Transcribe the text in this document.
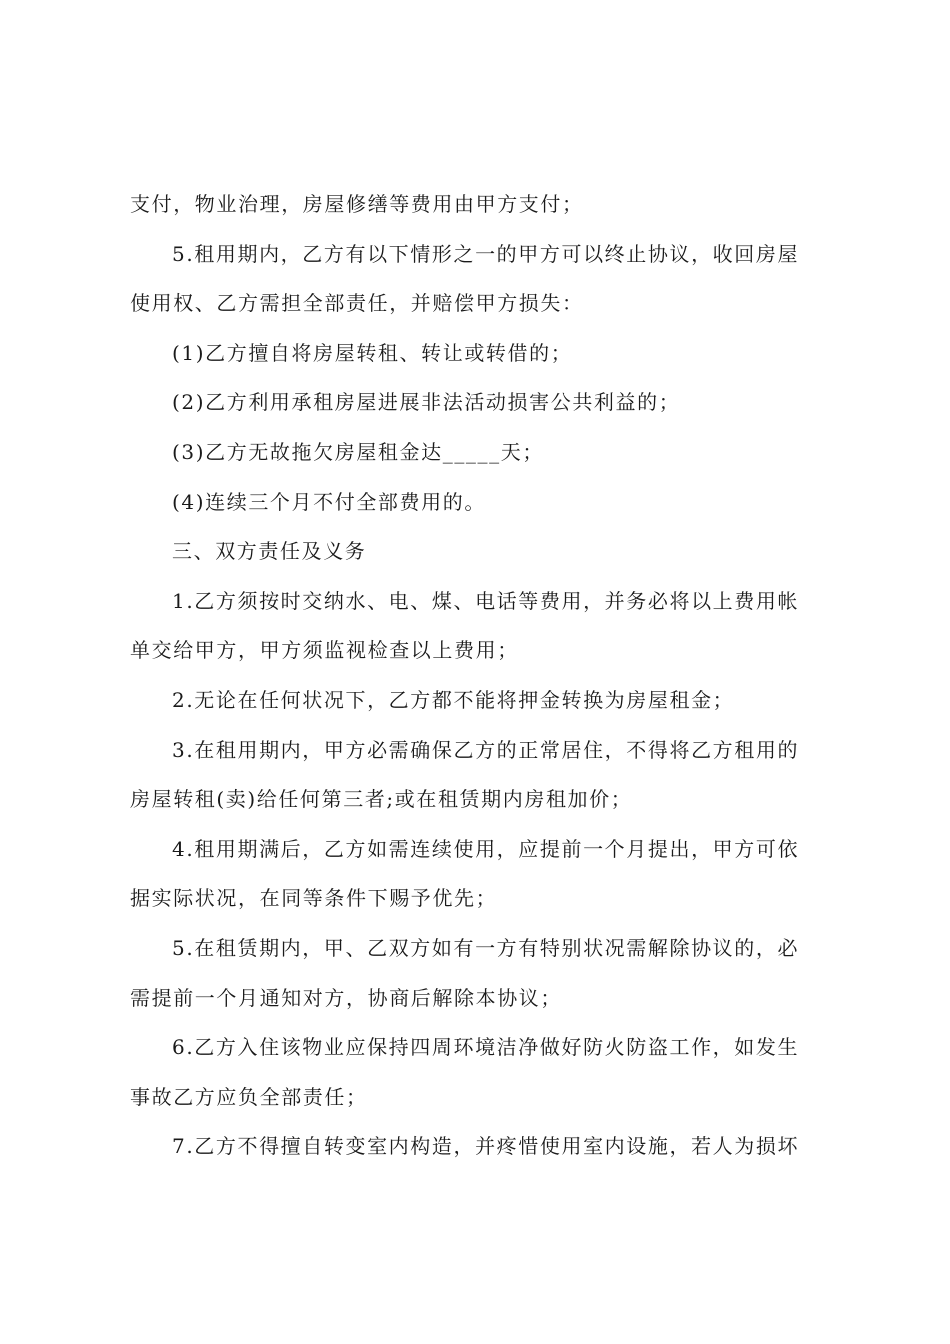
支付，物业治理，房屋修缮等费用由甲方支付；
5.租用期内，乙方有以下情形之一的甲方可以终止协议，收回房屋
使用权、乙方需担全部责任，并赔偿甲方损失：
(1)乙方擅自将房屋转租、转让或转借的；
(2)乙方利用承租房屋进展非法活动损害公共利益的；
(3)乙方无故拖欠房屋租金达_____天；
(4)连续三个月不付全部费用的。
三、双方责任及义务
1.乙方须按时交纳水、电、煤、电话等费用，并务必将以上费用帐
单交给甲方，甲方须监视检查以上费用；
2.无论在任何状况下，乙方都不能将押金转换为房屋租金；
3.在租用期内，甲方必需确保乙方的正常居住，不得将乙方租用的
房屋转租(卖)给任何第三者;或在租赁期内房租加价；
4.租用期满后，乙方如需连续使用，应提前一个月提出，甲方可依
据实际状况，在同等条件下赐予优先；
5.在租赁期内，甲、乙双方如有一方有特别状况需解除协议的，必
需提前一个月通知对方，协商后解除本协议；
6.乙方入住该物业应保持四周环境洁净做好防火防盗工作，如发生
事故乙方应负全部责任；
7.乙方不得擅自转变室内构造，并疼惜使用室内设施，若人为损坏
